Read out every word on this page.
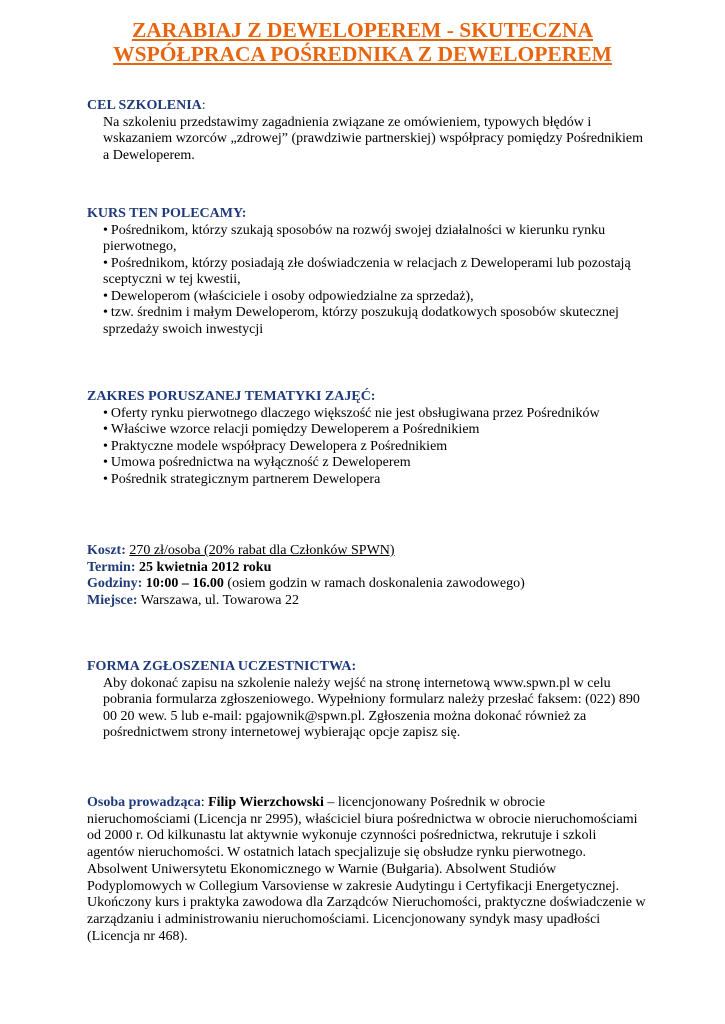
ZARABIAJ Z DEWELOPEREM - SKUTECZNA
WSPÓŁPRACA POŚREDNIKA Z DEWELOPEREM
CEL SZKOLENIA:

Na szkoleniu przedstawimy zagadnienia związane ze omówieniem, typowych błędów i wskazaniem wzorców „zdrowej” (prawdziwie partnerskiej) współpracy pomiędzy Pośrednikiem a Deweloperem.

KURS TEN POLECAMY:
• Pośrednikom, którzy szukają sposobów na rozwój swojej działalności w kierunku rynku pierwotnego,
• Pośrednikom, którzy posiadają złe doświadczenia w relacjach z Deweloperami lub pozostają sceptyczni w tej kwestii,
• Deweloperom (właściciele i osoby odpowiedzialne za sprzedaż),
• tzw. średnim i małym Deweloperom, którzy poszukują dodatkowych sposobów skutecznej sprzedaży swoich inwestycji
ZAKRES PORUSZANEJ TEMATYKI ZAJĘĆ:
• Oferty rynku pierwotnego dlaczego większość nie jest obsługiwana przez Pośredników
• Właściwe wzorce relacji pomiędzy Deweloperem a Pośrednikiem
• Praktyczne modele współpracy Dewelopera z Pośrednikiem
• Umowa pośrednictwa na wyłączność z Deweloperem
• Pośrednik strategicznym partnerem Dewelopera
Koszt: 270 zł/osoba (20% rabat dla Członków SPWN)
Termin: 25 kwietnia 2012 roku
Godziny: 10:00 – 16.00 (osiem godzin w ramach doskonalenia zawodowego)
Miejsce: Warszawa, ul. Towarowa 22
FORMA ZGŁOSZENIA UCZESTNICTWA:

Aby dokonać zapisu na szkolenie należy wejść na stronę internetową www.spwn.pl w celu pobrania formularza zgłoszeniowego. Wypełniony formularz należy przesłać faksem: (022) 890 00 20 wew. 5 lub e-mail: pgajownik@spwn.pl. Zgłoszenia można dokonać również za pośrednictwem strony internetowej wybierając opcje zapisz się.

Osoba prowadząca: Filip Wierzchowski – licencjonowany Pośrednik w obrocie nieruchomościami (Licencja nr 2995), właściciel biura pośrednictwa w obrocie nieruchomościami od 2000 r. Od kilkunastu lat aktywnie wykonuje czynności pośrednictwa, rekrutuje i szkoli agentów nieruchomości. W ostatnich latach specjalizuje się obsłudze rynku pierwotnego. Absolwent Uniwersytetu Ekonomicznego w Warnie (Bułgaria). Absolwent Studiów Podyplomowych w Collegium Varsoviense w zakresie Audytingu i Certyfikacji Energetycznej. Ukończony kurs i praktyka zawodowa dla Zarządców Nieruchomości, praktyczne doświadczenie w zarządzaniu i administrowaniu nieruchomościami. Licencjonowany syndyk masy upadłości (Licencja nr 468).
